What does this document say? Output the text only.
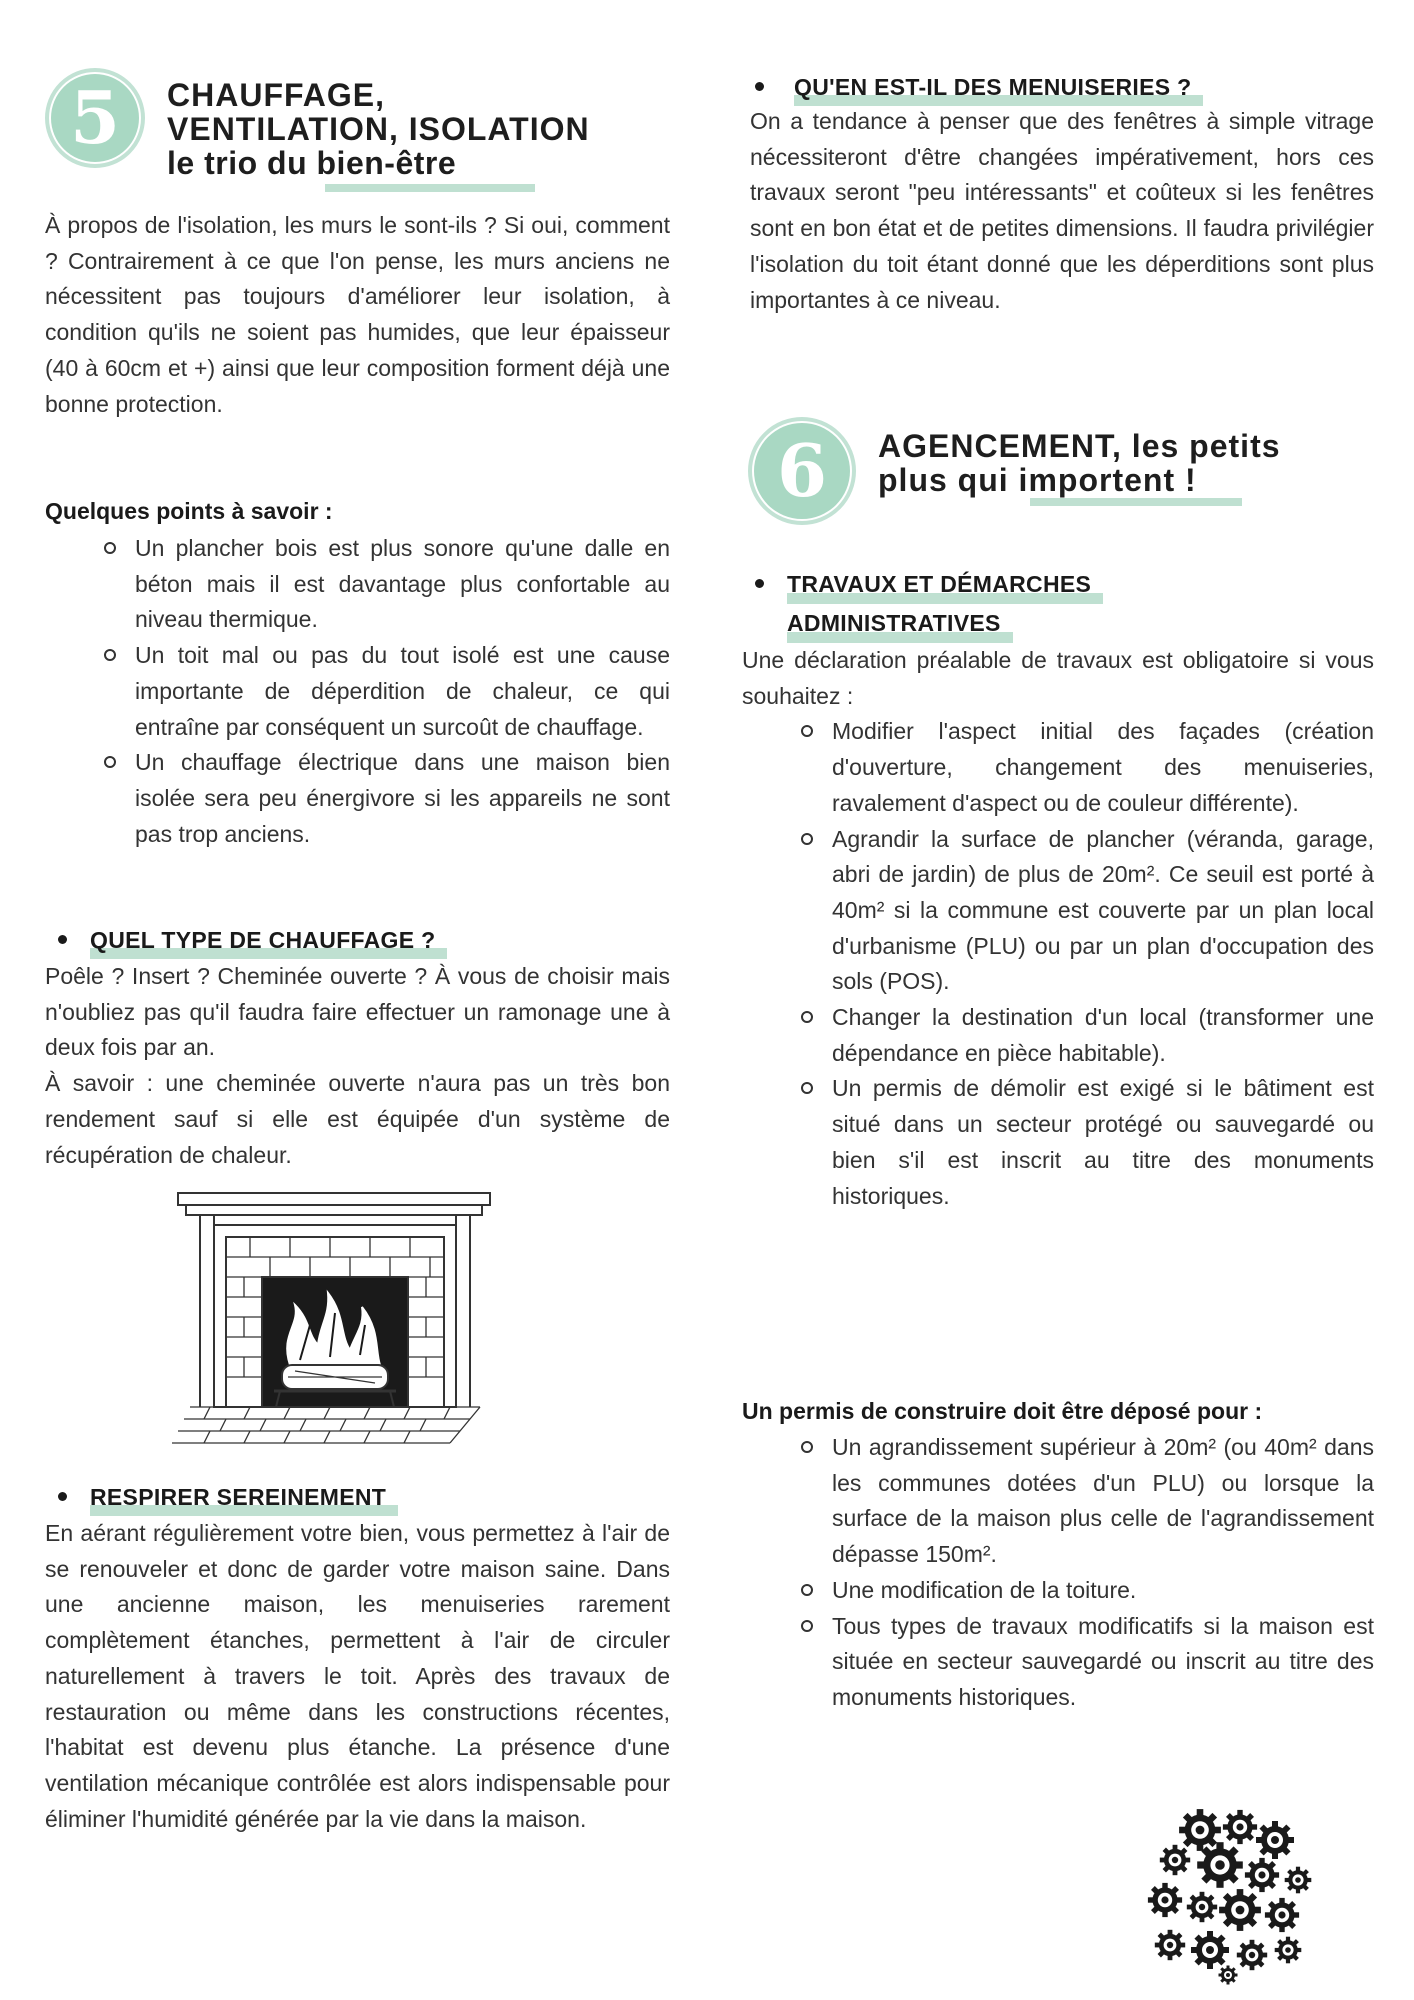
5	CHAUFFAGE,
VENTILATION, ISOLATION
le trio du bien-être

À propos de l'isolation, les murs le sont-ils ? Si oui, comment ? Contrairement à ce que l'on pense, les murs anciens ne nécessitent pas toujours d'améliorer leur isolation, à condition qu'ils ne soient pas humides, que leur épaisseur (40 à 60cm et +) ainsi que leur composition forment déjà une bonne protection.

Quelques points à savoir :
Un plancher bois est plus sonore qu'une dalle en béton mais il est davantage plus confortable au niveau thermique.
Un toit mal ou pas du tout isolé est une cause importante de déperdition de chaleur, ce qui entraîne par conséquent un surcoût de chauffage.
Un chauffage électrique dans une maison bien isolée sera peu énergivore si les appareils ne sont pas trop anciens.
QUEL TYPE DE CHAUFFAGE ?

Poêle ? Insert ? Cheminée ouverte ? À vous de choisir mais n'oubliez pas qu'il faudra faire effectuer un ramonage une à deux fois par an.

À savoir : une cheminée ouverte n'aura pas un très bon rendement sauf si elle est équipée d'un système de récupération de chaleur.

RESPIRER SEREINEMENT

En aérant régulièrement votre bien, vous permettez à l'air de se renouveler et donc de garder votre maison saine. Dans une ancienne maison, les menuiseries rarement complètement étanches, permettent à l'air de circuler naturellement à travers le toit. Après des travaux de restauration ou même dans les constructions récentes, l'habitat est devenu plus étanche. La présence d'une ventilation mécanique contrôlée est alors indispensable pour éliminer l'humidité générée par la vie dans la maison.

QU'EN EST-IL DES MENUISERIES ?

On a tendance à penser que des fenêtres à simple vitrage nécessiteront d'être changées impérativement, hors ces travaux seront "peu intéressants" et coûteux si les fenêtres sont en bon état et de petites dimensions. Il faudra privilégier l'isolation du toit étant donné que les déperditions sont plus importantes à ce niveau.

6	AGENCEMENT, les petits
plus qui importent !
TRAVAUX ET DÉMARCHES
ADMINISTRATIVES

Une déclaration préalable de travaux est obligatoire si vous souhaitez :

Modifier l'aspect initial des façades (création d'ouverture, changement des menuiseries, ravalement d'aspect ou de couleur différente).
Agrandir la surface de plancher (véranda, garage, abri de jardin) de plus de 20m². Ce seuil est porté à 40m² si la commune est couverte par un plan local d'urbanisme (PLU) ou par un plan d'occupation des sols (POS).
Changer la destination d'un local (transformer une dépendance en pièce habitable).
Un permis de démolir est exigé si le bâtiment est situé dans un secteur protégé ou sauvegardé ou bien s'il est inscrit au titre des monuments historiques.

Un permis de construire doit être déposé pour :

Un agrandissement supérieur à 20m² (ou 40m² dans les communes dotées d'un PLU) ou lorsque la surface de la maison plus celle de l'agrandissement dépasse 150m².
Une modification de la toiture.
Tous types de travaux modificatifs si la maison est située en secteur sauvegardé ou inscrit au titre des monuments historiques.
